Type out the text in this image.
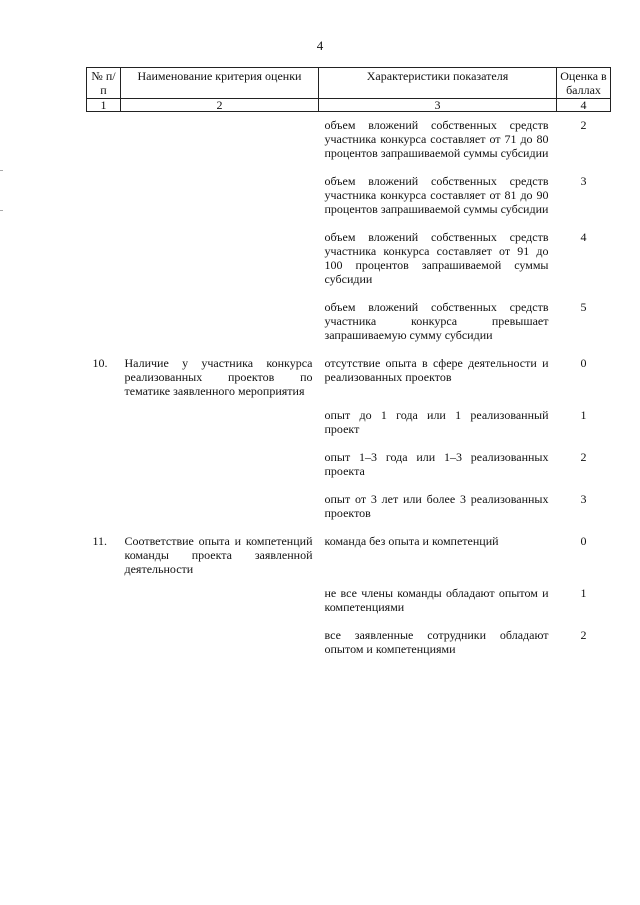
4
№ п/п	Наименование критерия оценки	Характеристики показателя	Оценка в баллах
1	2	3	4

		объем вложений собственных средств участника конкурса составляет от 71 до 80 процентов запрашиваемой суммы субсидии	2

		объем вложений собственных средств участника конкурса составляет от 81 до 90 процентов запрашиваемой суммы субсидии	3

		объем вложений собственных средств участника конкурса составляет от 91 до 100 процентов запрашиваемой суммы субсидии	4

		объем вложений собственных средств участника конкурса превышает запрашиваемую сумму субсидии	5

10.	Наличие у участника конкурса реализованных проектов по тематике заявленного мероприятия	отсутствие опыта в сфере деятельности и реализованных проектов	0

		опыт до 1 года или 1 реализованный проект	1

		опыт 1–3 года или 1–3 реализованных проекта	2

		опыт от 3 лет или более 3 реализованных проектов	3

11.	Соответствие опыта и компетенций команды проекта заявленной деятельности	команда без опыта и компетенций	0

		не все члены команды обладают опытом и компетенциями	1

		все заявленные сотрудники обладают опытом и компетенциями	2
